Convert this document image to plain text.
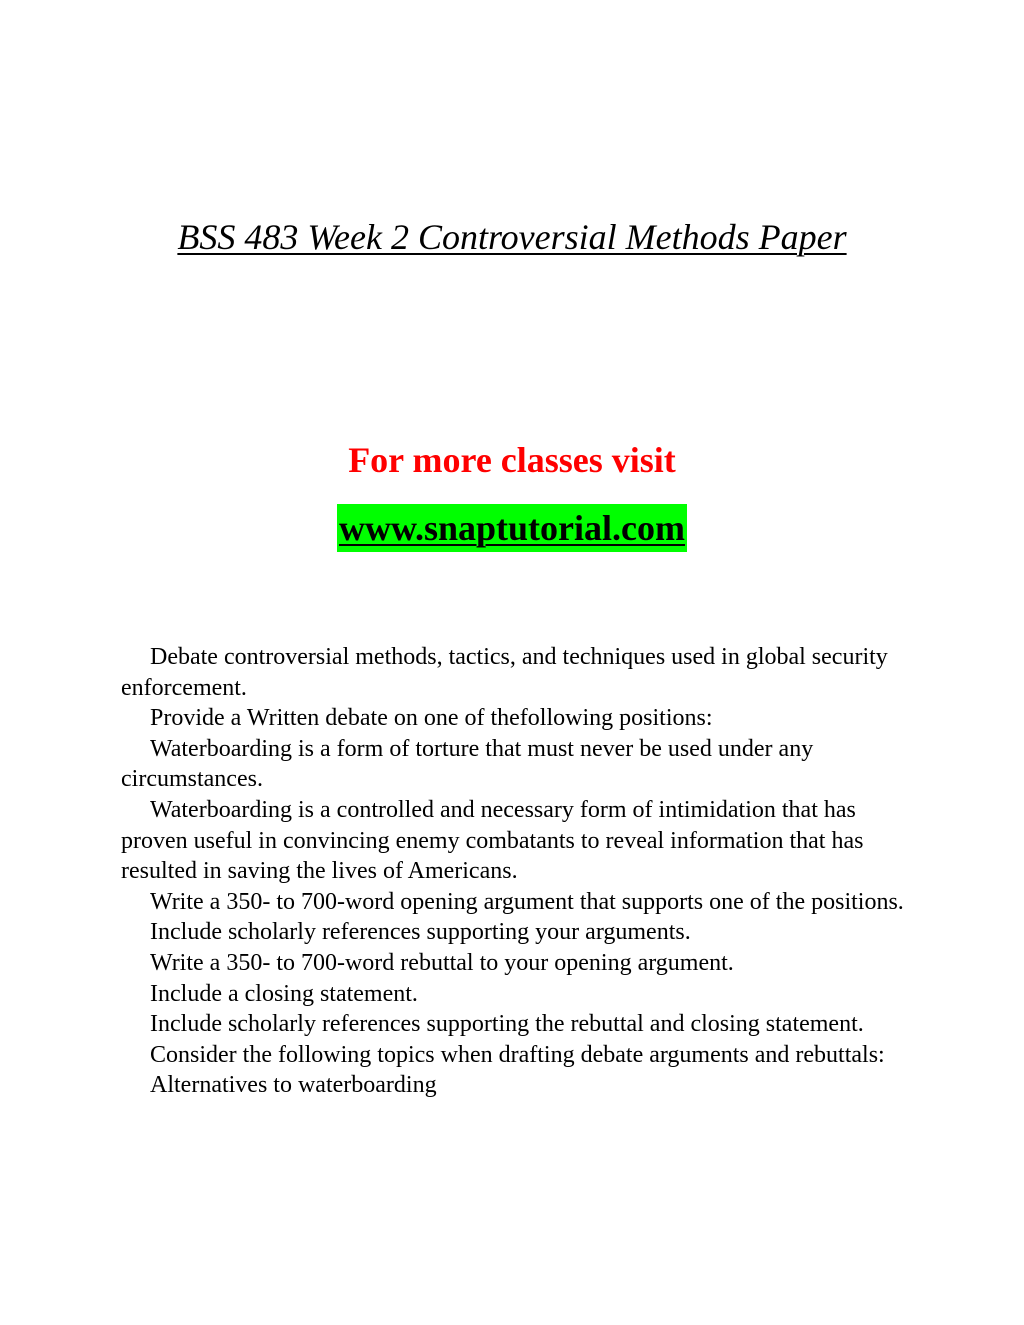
BSS 483 Week 2 Controversial Methods Paper
For more classes visit
www.snaptutorial.com

Debate controversial methods, tactics, and techniques used in global security enforcement.

Provide a Written debate on one of thefollowing positions:

Waterboarding is a form of torture that must never be used under any circumstances.

Waterboarding is a controlled and necessary form of intimidation that has proven useful in convincing enemy combatants to reveal information that has resulted in saving the lives of Americans.

Write a 350- to 700-word opening argument that supports one of the positions.

Include scholarly references supporting your arguments.

Write a 350- to 700-word rebuttal to your opening argument.

Include a closing statement.

Include scholarly references supporting the rebuttal and closing statement.

Consider the following topics when drafting debate arguments and rebuttals:

Alternatives to waterboarding
